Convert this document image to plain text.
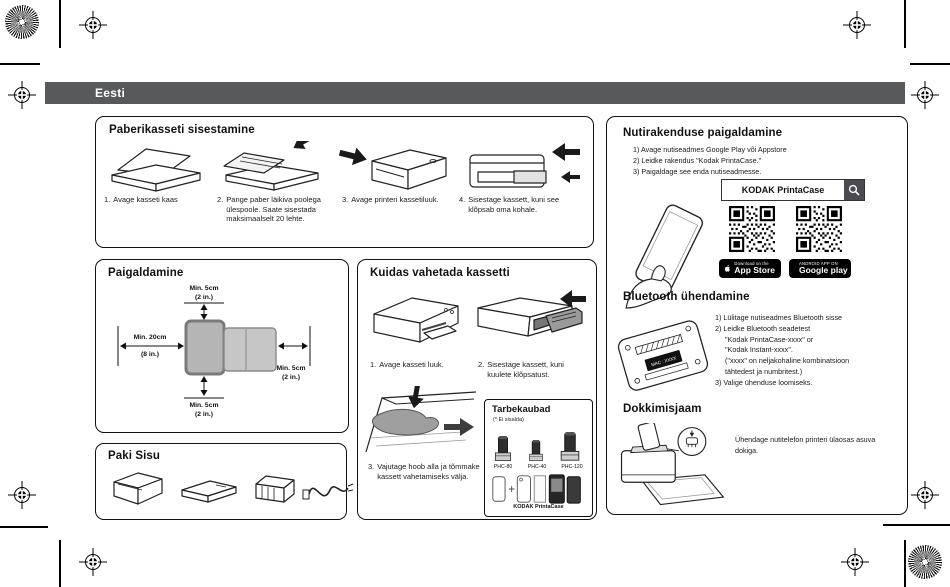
Eesti
Paberikasseti sisestamine
1. Avage kasseti kaas	2. Pange paber läikiva poolega ülespoole. Saate sisestada maksimaalselt 20 lehte.
3. Avage printeri kassetiluuk.	4. Sisestage kassett, kuni see klõpsab oma kohale.
Paigaldamine
Min. 5cm
(2 in.)
Min. 20cm
(8 in.)
Min. 5cm
(2 in.)
Min. 5cm
(2 in.)
Paki Sisu
Kuidas vahetada kassetti
1. Avage kasseti luuk.	2. Sisestage kassett, kuni kuulete klõpsatust.
3. Vajutage hoob alla ja tõmmake kassett vahetamiseks välja.
Tarbekaubad
(* Ei sisalda)
PHC-80	PHC-40	PHC-120
KODAK PrintaCase
Nutirakenduse paigaldamine
1) Avage nutiseadmes Google Play või Appstore
2) Leidke rakendus "Kodak PrintaCase."
3) Paigaldage see enda nutiseadmesse.
KODAK PrintaCase
Download on the
App Store
ANDROID APP ON
Google play
Bluetooth ühendamine
MAC : XXXX
1) Lülitage nutiseadmes Bluetooth sisse
2) Leidke Bluetooth seadetest
"Kodak PrintaCase-xxxx" or
"Kodak Instant-xxxx".
("xxxx" on neljakohaline kombinatsioon
tähtedest ja numbritest.)
3) Valige ühenduse loomiseks.
Dokkimisjaam
Ühendage nutitelefon printeri ülaosas asuva dokiga.
